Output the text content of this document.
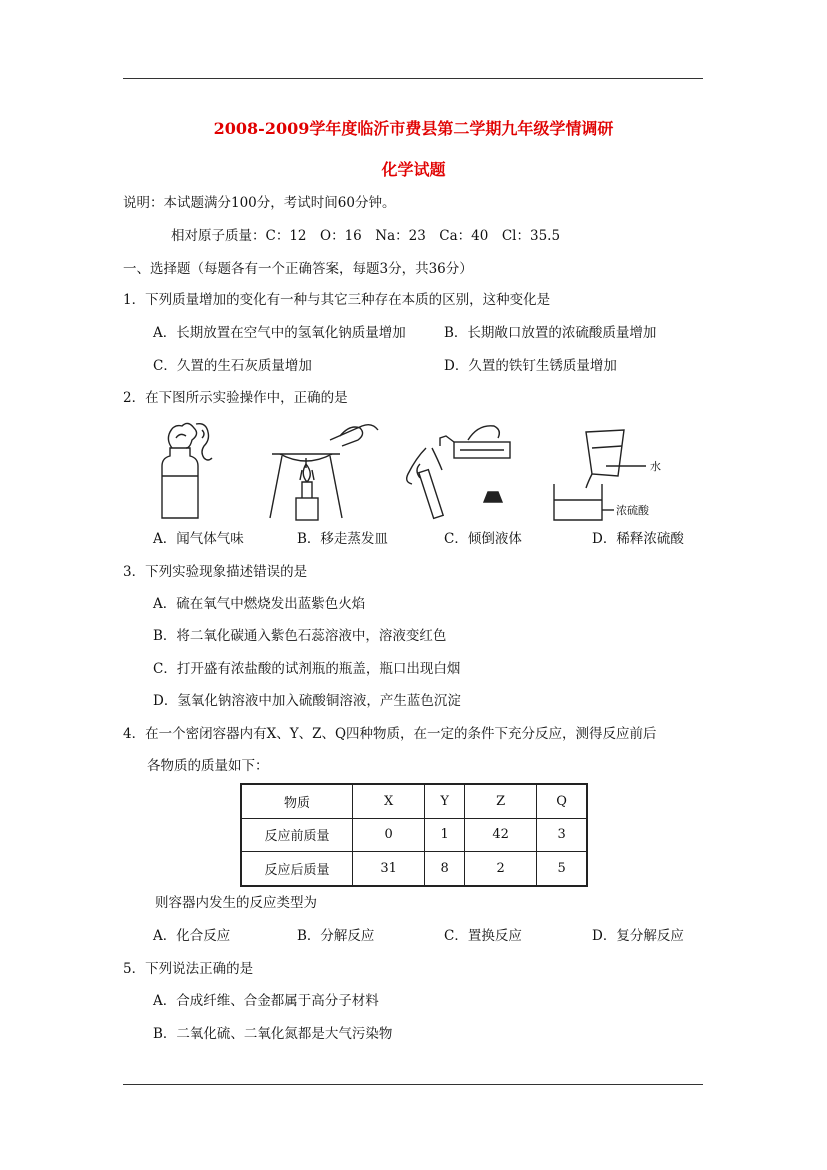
2008-2009学年度临沂市费县第二学期九年级学情调研
化学试题
说明：本试题满分100分，考试时间60分钟。
相对原子质量：C：12　O：16　Na：23　Ca：40　Cl：35.5
一、选择题（每题各有一个正确答案，每题3分，共36分）
1．下列质量增加的变化有一种与其它三种存在本质的区别，这种变化是
A．长期放置在空气中的氢氧化钠质量增加	B．长期敞口放置的浓硫酸质量增加
C．久置的生石灰质量增加	D．久置的铁钉生锈质量增加
2．在下图所示实验操作中，正确的是
水
浓硫酸
A．闻气体气味	B．移走蒸发皿	C．倾倒液体	D．稀释浓硫酸
3．下列实验现象描述错误的是
A．硫在氧气中燃烧发出蓝紫色火焰
B．将二氧化碳通入紫色石蕊溶液中，溶液变红色
C．打开盛有浓盐酸的试剂瓶的瓶盖，瓶口出现白烟
D．氢氧化钠溶液中加入硫酸铜溶液，产生蓝色沉淀
4．在一个密闭容器内有X、Y、Z、Q四种物质，在一定的条件下充分反应，测得反应前后
各物质的质量如下：
物质	X	Y	Z	Q
反应前质量	0	1	42	3
反应后质量	31	8	2	5
则容器内发生的反应类型为
A．化合反应	B．分解反应	C．置换反应	D．复分解反应
5．下列说法正确的是
A．合成纤维、合金都属于高分子材料
B．二氧化硫、二氧化氮都是大气污染物
